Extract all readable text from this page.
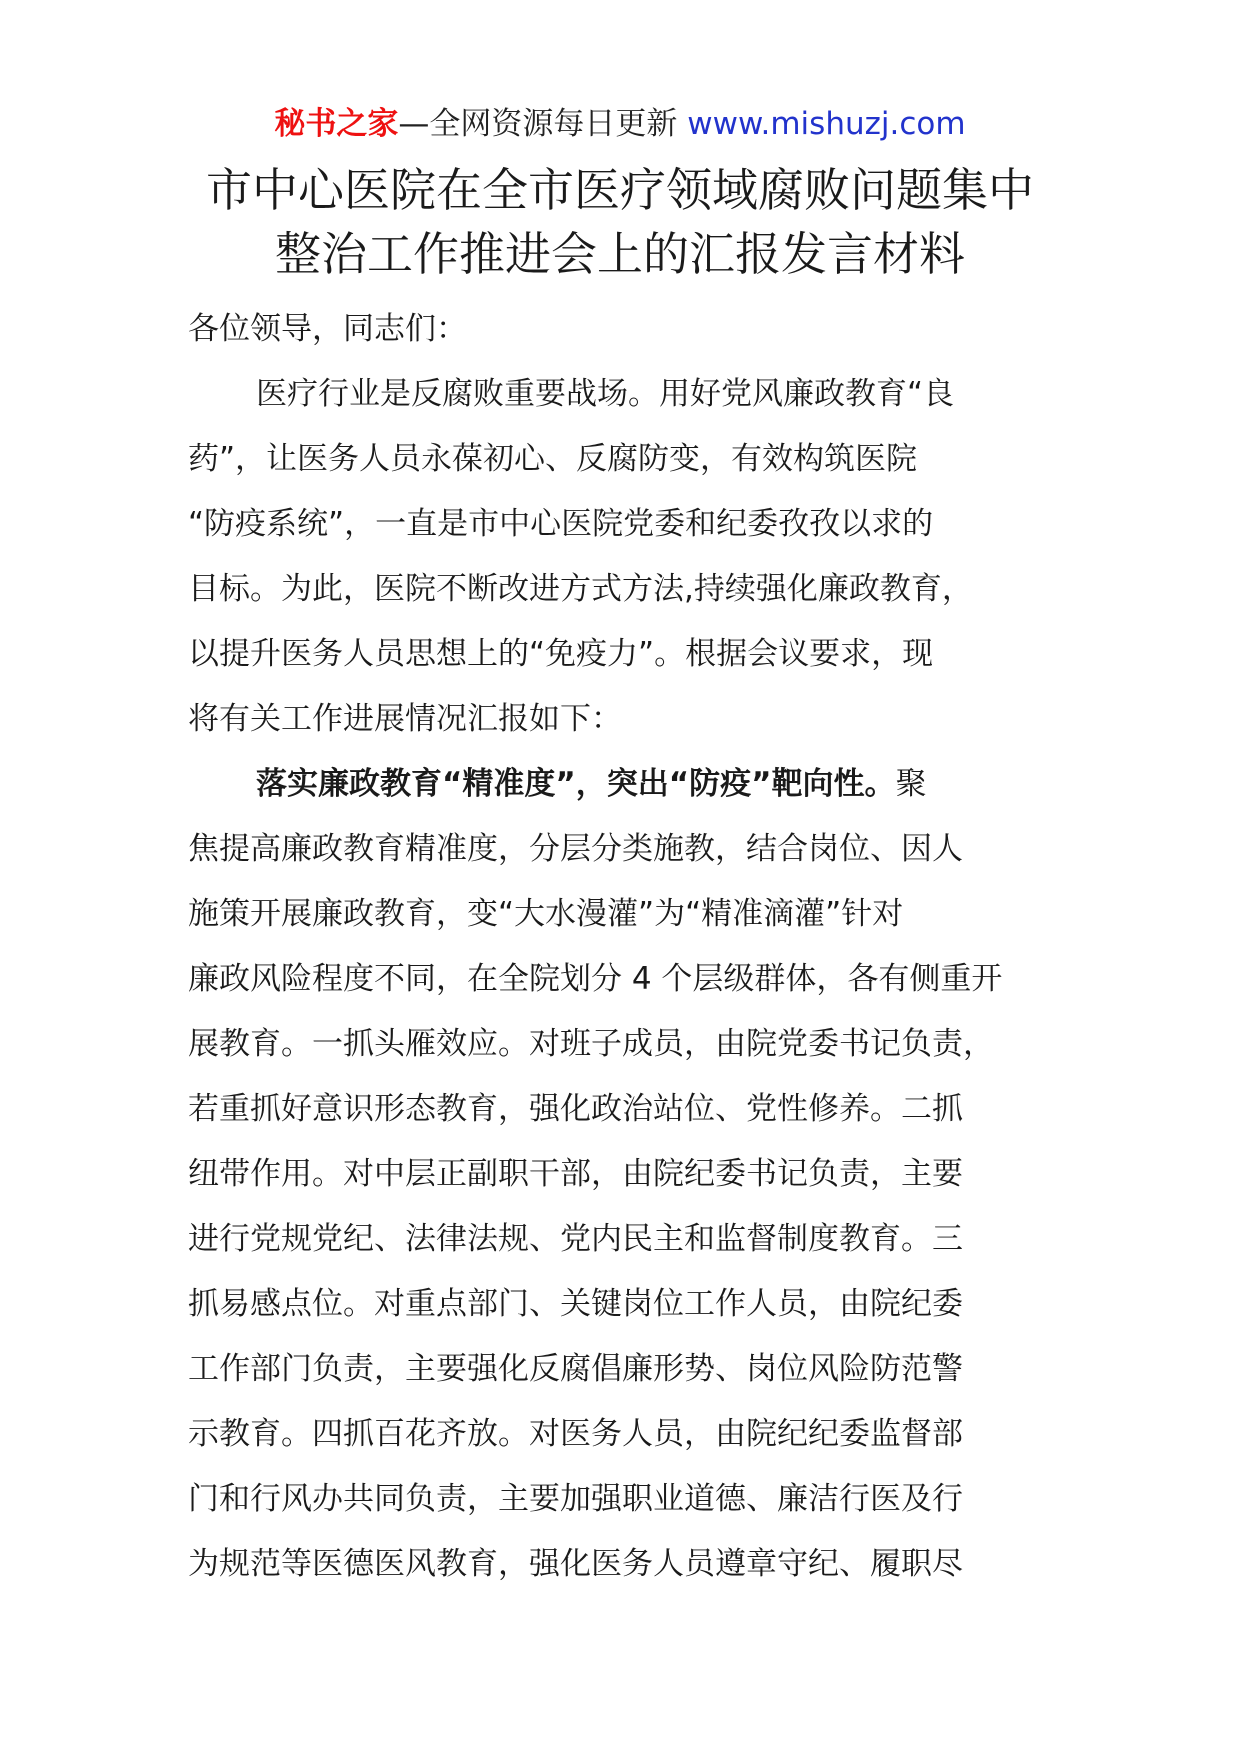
秘书之家—全网资源每日更新 www.mishuzj.com
市中心医院在全市医疗领域腐败问题集中
整治工作推进会上的汇报发言材料

各位领导，同志们：

医疗行业是反腐败重要战场。用好党风廉政教育“良
药”，让医务人员永葆初心、反腐防变，有效构筑医院
“防疫系统”，一直是市中心医院党委和纪委孜孜以求的
目标。为此，医院不断改进方式方法,持续强化廉政教育，
以提升医务人员思想上的“免疫力”。根据会议要求，现
将有关工作进展情况汇报如下：

落实廉政教育“精准度”，突出“防疫”靶向性。聚
焦提高廉政教育精准度，分层分类施教，结合岗位、因人
施策开展廉政教育，变“大水漫灌”为“精准滴灌”针对
廉政风险程度不同，在全院划分 4 个层级群体，各有侧重开
展教育。一抓头雁效应。对班子成员，由院党委书记负责，
若重抓好意识形态教育，强化政治站位、党性修养。二抓
纽带作用。对中层正副职干部，由院纪委书记负责，主要
进行党规党纪、法律法规、党内民主和监督制度教育。三
抓易感点位。对重点部门、关键岗位工作人员，由院纪委
工作部门负责，主要强化反腐倡廉形势、岗位风险防范警
示教育。四抓百花齐放。对医务人员，由院纪纪委监督部
门和行风办共同负责，主要加强职业道德、廉洁行医及行
为规范等医德医风教育，强化医务人员遵章守纪、履职尽
